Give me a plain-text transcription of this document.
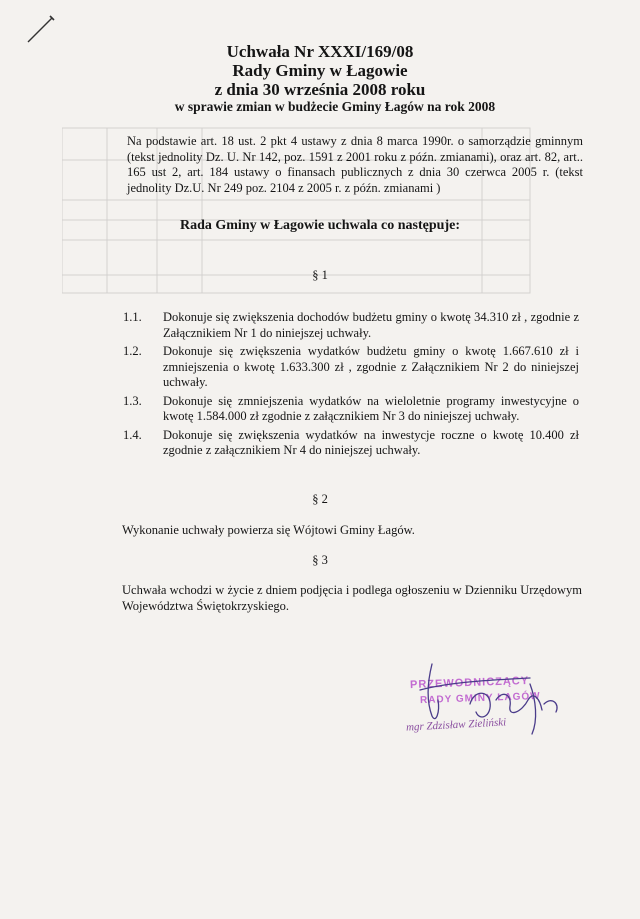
Uchwała Nr XXXI/169/08
Rady Gminy w Łagowie
z dnia 30 września 2008 roku
w sprawie zmian w budżecie Gminy Łagów na rok 2008
Na podstawie art. 18 ust. 2 pkt 4 ustawy z dnia 8 marca 1990r. o samorządzie gminnym (tekst jednolity Dz. U. Nr 142, poz. 1591 z 2001 roku z późn. zmianami), oraz art. 82, art.. 165 ust 2, art. 184 ustawy o finansach publicznych z dnia 30 czerwca 2005 r. (tekst jednolity Dz.U. Nr 249 poz. 2104 z 2005 r. z późn. zmianami )
Rada Gminy w Łagowie uchwala co następuje:
§ 1
1.1.	Dokonuje się zwiększenia dochodów budżetu gminy o kwotę 34.310 zł , zgodnie z Załącznikiem Nr 1 do niniejszej uchwały.
1.2.	Dokonuje się zwiększenia wydatków budżetu gminy o kwotę 1.667.610 zł i zmniejszenia o kwotę 1.633.300 zł , zgodnie z Załącznikiem Nr 2 do niniejszej uchwały.
1.3.	Dokonuje się zmniejszenia wydatków na wieloletnie programy inwestycyjne o kwotę 1.584.000 zł zgodnie z załącznikiem Nr 3 do niniejszej uchwały.
1.4.	Dokonuje się zwiększenia wydatków na inwestycje roczne o kwotę 10.400 zł zgodnie z załącznikiem Nr 4 do niniejszej uchwały.
§ 2
Wykonanie uchwały powierza się Wójtowi Gminy Łagów.
§ 3
Uchwała wchodzi w życie z dniem podjęcia i podlega ogłoszeniu w Dzienniku Urzędowym Województwa Świętokrzyskiego.
PRZEWODNICZĄCY
RADY GMINY ŁAGÓW
mgr Zdzisław Zieliński
